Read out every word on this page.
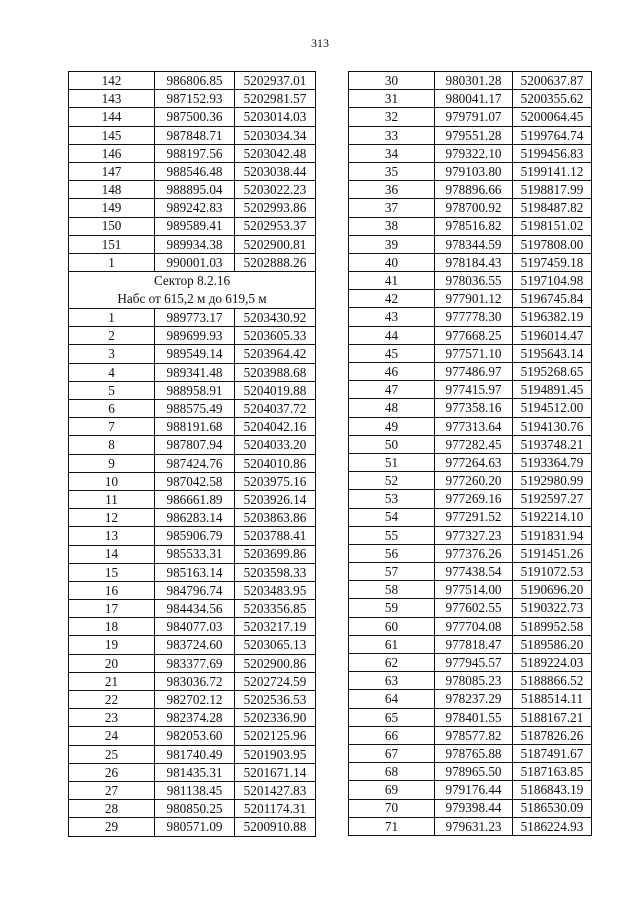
313
142	986806.85	5202937.01
143	987152.93	5202981.57
144	987500.36	5203014.03
145	987848.71	5203034.34
146	988197.56	5203042.48
147	988546.48	5203038.44
148	988895.04	5203022.23
149	989242.83	5202993.86
150	989589.41	5202953.37
151	989934.38	5202900.81
1	990001.03	5202888.26

Сектор 8.2.16
Набс от 615,2 м до 619,5 м		

1	989773.17	5203430.92
2	989699.93	5203605.33
3	989549.14	5203964.42
4	989341.48	5203988.68
5	988958.91	5204019.88
6	988575.49	5204037.72
7	988191.68	5204042.16
8	987807.94	5204033.20
9	987424.76	5204010.86
10	987042.58	5203975.16
11	986661.89	5203926.14
12	986283.14	5203863.86
13	985906.79	5203788.41
14	985533.31	5203699.86
15	985163.14	5203598.33
16	984796.74	5203483.95
17	984434.56	5203356.85
18	984077.03	5203217.19
19	983724.60	5203065.13
20	983377.69	5202900.86
21	983036.72	5202724.59
22	982702.12	5202536.53
23	982374.28	5202336.90
24	982053.60	5202125.96
25	981740.49	5201903.95
26	981435.31	5201671.14
27	981138.45	5201427.83
28	980850.25	5201174.31
29	980571.09	5200910.88
30	980301.28	5200637.87
31	980041.17	5200355.62
32	979791.07	5200064.45
33	979551.28	5199764.74
34	979322.10	5199456.83
35	979103.80	5199141.12
36	978896.66	5198817.99
37	978700.92	5198487.82
38	978516.82	5198151.02
39	978344.59	5197808.00
40	978184.43	5197459.18
41	978036.55	5197104.98
42	977901.12	5196745.84
43	977778.30	5196382.19
44	977668.25	5196014.47
45	977571.10	5195643.14
46	977486.97	5195268.65
47	977415.97	5194891.45
48	977358.16	5194512.00
49	977313.64	5194130.76
50	977282.45	5193748.21
51	977264.63	5193364.79
52	977260.20	5192980.99
53	977269.16	5192597.27
54	977291.52	5192214.10
55	977327.23	5191831.94
56	977376.26	5191451.26
57	977438.54	5191072.53
58	977514.00	5190696.20
59	977602.55	5190322.73
60	977704.08	5189952.58
61	977818.47	5189586.20
62	977945.57	5189224.03
63	978085.23	5188866.52
64	978237.29	5188514.11
65	978401.55	5188167.21
66	978577.82	5187826.26
67	978765.88	5187491.67
68	978965.50	5187163.85
69	979176.44	5186843.19
70	979398.44	5186530.09
71	979631.23	5186224.93
